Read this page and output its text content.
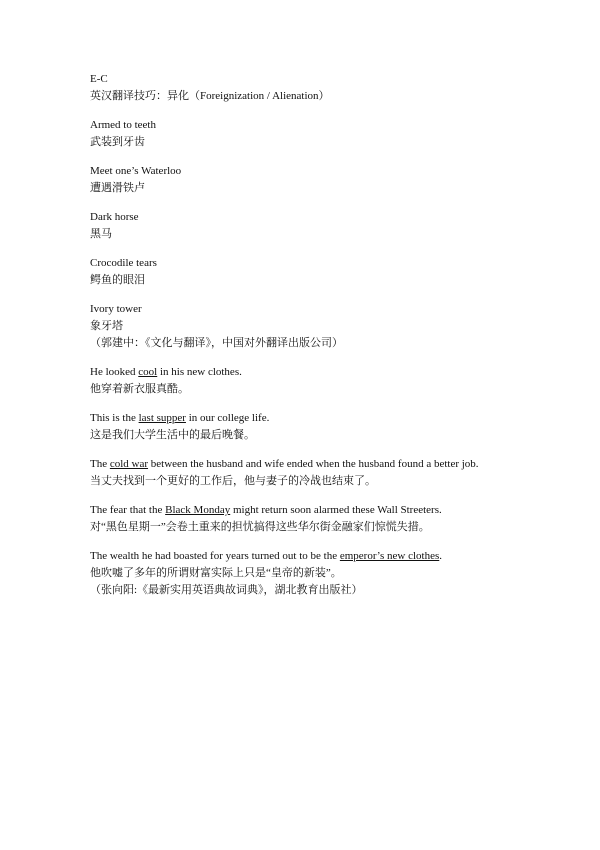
E-C
英汉翻译技巧：异化（Foreignization / Alienation）
Armed to teeth
武装到牙齿
Meet one’s Waterloo
遭遇滑铁卢
Dark horse
黑马
Crocodile tears
鳄鱼的眼泪
Ivory tower
象牙塔
（郭建中：《文化与翻译》，中国对外翻译出版公司）
He looked cool in his new clothes.
他穿着新衣服真酷。
This is the last supper in our college life.
这是我们大学生活中的最后晚餐。
The cold war between the husband and wife ended when the husband found a better job.
当丈夫找到一个更好的工作后，他与妻子的冷战也结束了。
The fear that the Black Monday might return soon alarmed these Wall Streeters.
对“黑色星期一”会卷土重来的担忧搞得这些华尔街金融家们惊慌失措。
The wealth he had boasted for years turned out to be the emperor’s new clothes.
他吹嘘了多年的所谓财富实际上只是“皇帝的新装”。
（张向阳:《最新实用英语典故词典》，湖北教育出版社）
